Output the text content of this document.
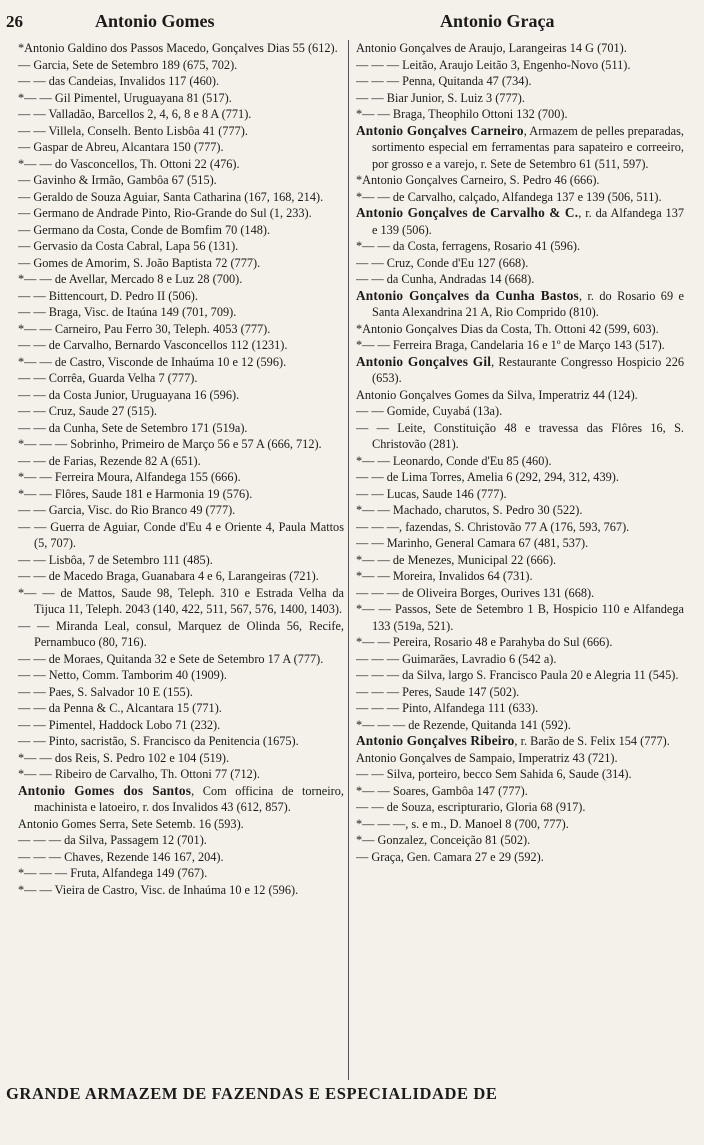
26	Antonio Gomes	Antonio Graça

*Antonio Galdino dos Passos Macedo, Gonçalves Dias 55 (612).

— Garcia, Sete de Setembro 189 (675, 702).

— — das Candeias, Invalidos 117 (460).

*— — Gil Pimentel, Uruguayana 81 (517).

— — Valladão, Barcellos 2, 4, 6, 8 e 8 A (771).

— — Villela, Conselh. Bento Lisbôa 41 (777).

— Gaspar de Abreu, Alcantara 150 (777).

*— — do Vasconcellos, Th. Ottoni 22 (476).

— Gavinho & Irmão, Gambôa 67 (515).

— Geraldo de Souza Aguiar, Santa Catharina (167, 168, 214).

— Germano de Andrade Pinto, Rio-Grande do Sul (1, 233).

— Germano da Costa, Conde de Bomfim 70 (148).

— Gervasio da Costa Cabral, Lapa 56 (131).

— Gomes de Amorim, S. João Baptista 72 (777).

*— — de Avellar, Mercado 8 e Luz 28 (700).

— — Bittencourt, D. Pedro II (506).

— — Braga, Visc. de Itaúna 149 (701, 709).

*— — Carneiro, Pau Ferro 30, Teleph. 4053 (777).

— — de Carvalho, Bernardo Vasconcellos 112 (1231).

*— — de Castro, Visconde de Inhaúma 10 e 12 (596).

— — Corrêa, Guarda Velha 7 (777).

— — da Costa Junior, Uruguayana 16 (596).

— — Cruz, Saude 27 (515).

— — da Cunha, Sete de Setembro 171 (519a).

*— — — Sobrinho, Primeiro de Março 56 e 57 A (666, 712).

— — de Farias, Rezende 82 A (651).

*— — Ferreira Moura, Alfandega 155 (666).

*— — Flôres, Saude 181 e Harmonia 19 (576).

— — Garcia, Visc. do Rio Branco 49 (777).

— — Guerra de Aguiar, Conde d'Eu 4 e Oriente 4, Paula Mattos (5, 707).

— — Lisbôa, 7 de Setembro 111 (485).

— — de Macedo Braga, Guanabara 4 e 6, Larangeiras (721).

*— — de Mattos, Saude 98, Teleph. 310 e Estrada Velha da Tijuca 11, Teleph. 2043 (140, 422, 511, 567, 576, 1400, 1403).

— — Miranda Leal, consul, Marquez de Olinda 56, Recife, Pernambuco (80, 716).

— — de Moraes, Quitanda 32 e Sete de Setembro 17 A (777).

— — Netto, Comm. Tamborim 40 (1909).

— — Paes, S. Salvador 10 E (155).

— — da Penna & C., Alcantara 15 (771).

— — Pimentel, Haddock Lobo 71 (232).

— — Pinto, sacristão, S. Francisco da Penitencia (1675).

*— — dos Reis, S. Pedro 102 e 104 (519).

*— — Ribeiro de Carvalho, Th. Ottoni 77 (712).

Antonio Gomes dos Santos, Com officina de torneiro, machinista e latoeiro, r. dos Invalidos 43 (612, 857).

Antonio Gomes Serra, Sete Setemb. 16 (593).

— — — da Silva, Passagem 12 (701).

— — — Chaves, Rezende 146 167, 204).

*— — — Fruta, Alfandega 149 (767).

*— — Vieira de Castro, Visc. de Inhaúma 10 e 12 (596).

Antonio Gonçalves de Araujo, Larangeiras 14 G (701).

— — — Leitão, Araujo Leitão 3, Engenho-Novo (511).

— — — Penna, Quitanda 47 (734).

— — Biar Junior, S. Luiz 3 (777).

*— — Braga, Theophilo Ottoni 132 (700).

Antonio Gonçalves Carneiro, Armazem de pelles preparadas, sortimento especial em ferramentas para sapateiro e correeiro, por grosso e a varejo, r. Sete de Setembro 61 (511, 597).

*Antonio Gonçalves Carneiro, S. Pedro 46 (666).

*— — de Carvalho, calçado, Alfandega 137 e 139 (506, 511).

Antonio Gonçalves de Carvalho & C., r. da Alfandega 137 e 139 (506).

*— — da Costa, ferragens, Rosario 41 (596).

— — Cruz, Conde d'Eu 127 (668).

— — da Cunha, Andradas 14 (668).

Antonio Gonçalves da Cunha Bastos, r. do Rosario 69 e Santa Alexandrina 21 A, Rio Comprido (810).

*Antonio Gonçalves Dias da Costa, Th. Ottoni 42 (599, 603).

*— — Ferreira Braga, Candelaria 16 e 1º de Março 143 (517).

Antonio Gonçalves Gil, Restaurante Congresso Hospicio 226 (653).

Antonio Gonçalves Gomes da Silva, Imperatriz 44 (124).

— — Gomide, Cuyabá (13a).

— — Leite, Constituição 48 e travessa das Flôres 16, S. Christovão (281).

*— — Leonardo, Conde d'Eu 85 (460).

— — de Lima Torres, Amelia 6 (292, 294, 312, 439).

— — Lucas, Saude 146 (777).

*— — Machado, charutos, S. Pedro 30 (522).

— — —, fazendas, S. Christovão 77 A (176, 593, 767).

— — Marinho, General Camara 67 (481, 537).

*— — de Menezes, Municipal 22 (666).

*— — Moreira, Invalidos 64 (731).

— — — de Oliveira Borges, Ourives 131 (668).

*— — Passos, Sete de Setembro 1 B, Hospicio 110 e Alfandega 133 (519a, 521).

*— — Pereira, Rosario 48 e Parahyba do Sul (666).

— — — Guimarães, Lavradio 6 (542 a).

— — — da Silva, largo S. Francisco Paula 20 e Alegria 11 (545).

— — — Peres, Saude 147 (502).

— — — Pinto, Alfandega 111 (633).

*— — — de Rezende, Quitanda 141 (592).

Antonio Gonçalves Ribeiro, r. Barão de S. Felix 154 (777).

Antonio Gonçalves de Sampaio, Imperatriz 43 (721).

— — Silva, porteiro, becco Sem Sahida 6, Saude (314).

*— — Soares, Gambôa 147 (777).

— — de Souza, escripturario, Gloria 68 (917).

*— — —, s. e m., D. Manoel 8 (700, 777).

*— Gonzalez, Conceição 81 (502).

— Graça, Gen. Camara 27 e 29 (592).

GRANDE ARMAZEM DE FAZENDAS E ESPECIALIDADE DE
